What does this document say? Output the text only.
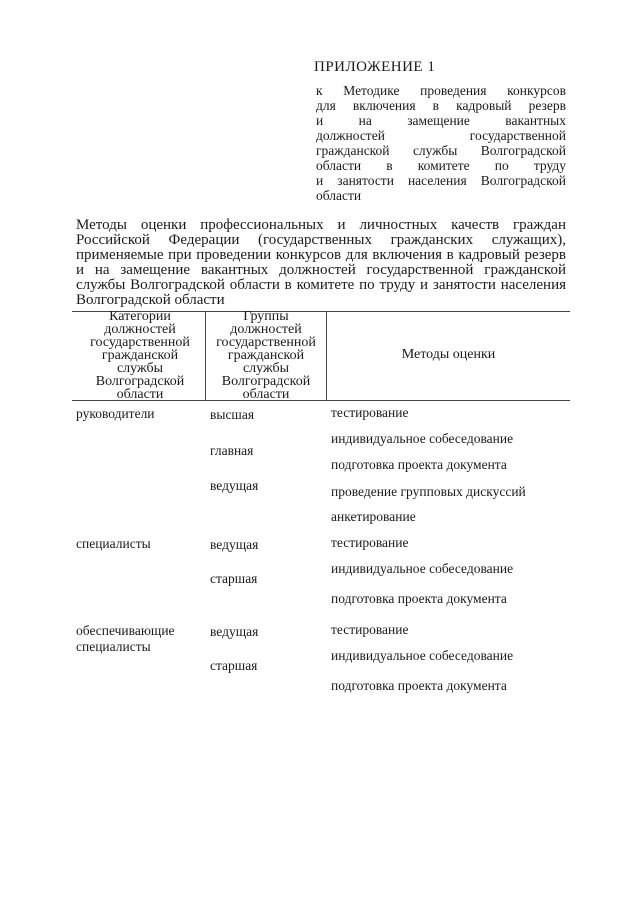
ПРИЛОЖЕНИЕ 1
к Методике проведения конкурсов
для включения в кадровый резерв
и на замещение вакантных
должностей государственной
гражданской службы Волгоградской
области в комитете по труду
и занятости населения Волгоградской
области
Методы оценки профессиональных и личностных качеств граждан
Российской Федерации (государственных гражданских служащих),
применяемые при проведении конкурсов для включения в кадровый резерв
и на замещение вакантных должностей государственной гражданской
службы Волгоградской области в комитете по труду и занятости населения
Волгоградской области
Категории
должностей
государственной
гражданской
службы
Волгоградской
области
Группы
должностей
государственной
гражданской
службы
Волгоградской
области
Методы оценки
руководители	высшая
главная
ведущая
тестирование
индивидуальное собеседование
подготовка проекта документа
проведение групповых дискуссий
анкетирование
специалисты	ведущая
старшая
тестирование
индивидуальное собеседование
подготовка проекта документа
обеспечивающие
специалисты
ведущая
старшая
тестирование
индивидуальное собеседование
подготовка проекта документа
